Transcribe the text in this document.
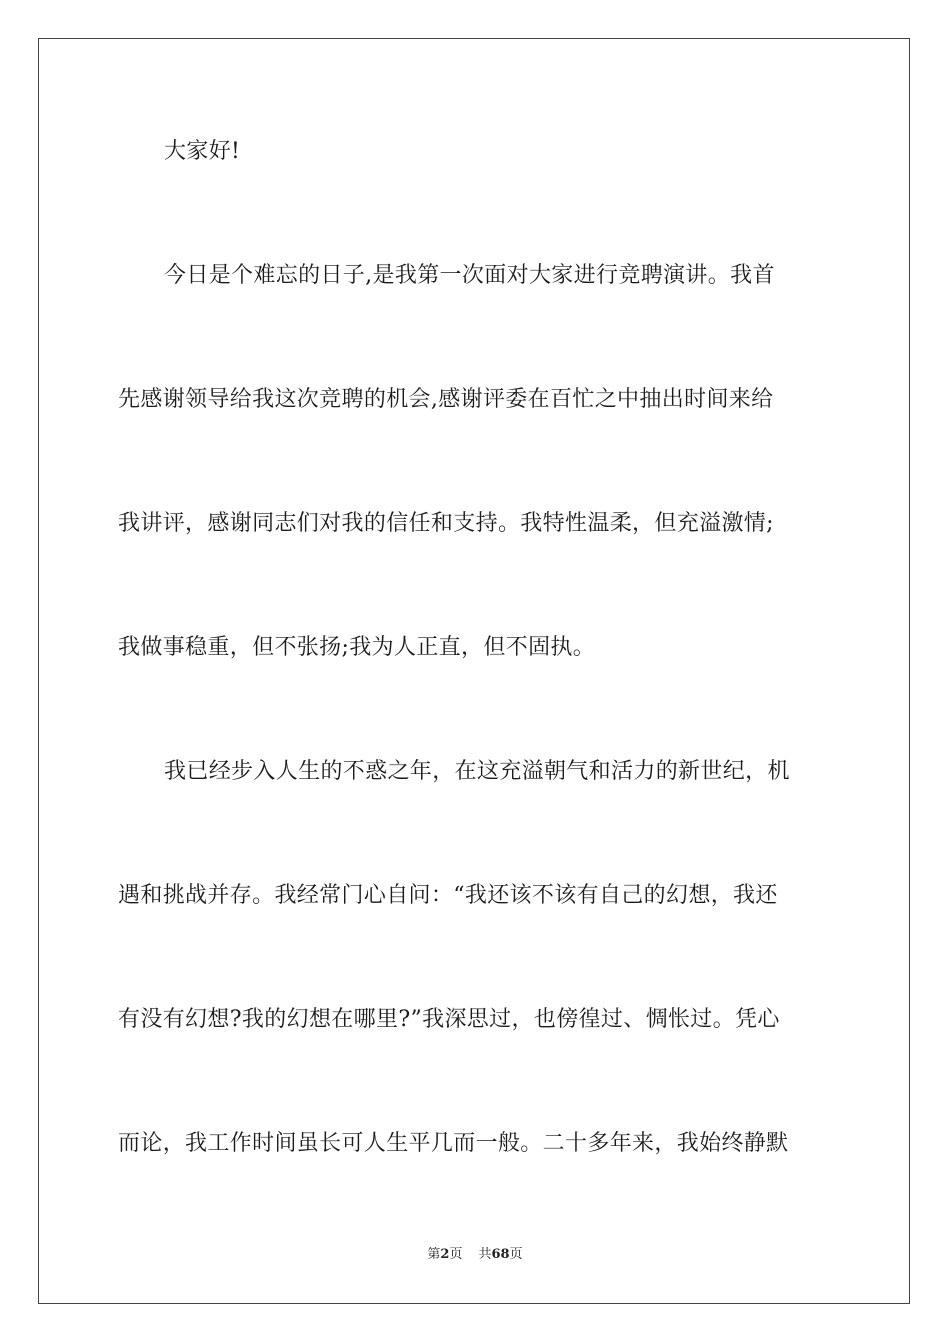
大家好!
今日是个难忘的日子,是我第一次面对大家进行竞聘演讲。我首
先感谢领导给我这次竞聘的机会,感谢评委在百忙之中抽出时间来给
我讲评，感谢同志们对我的信任和支持。我特性温柔，但充溢激情;
我做事稳重，但不张扬;我为人正直，但不固执。
我已经步入人生的不惑之年，在这充溢朝气和活力的新世纪，机
遇和挑战并存。我经常门心自问：“我还该不该有自己的幻想，我还
有没有幻想?我的幻想在哪里?”我深思过，也傍徨过、惆怅过。凭心
而论，我工作时间虽长可人生平几而一般。二十多年来，我始终静默
第2页 共68页
